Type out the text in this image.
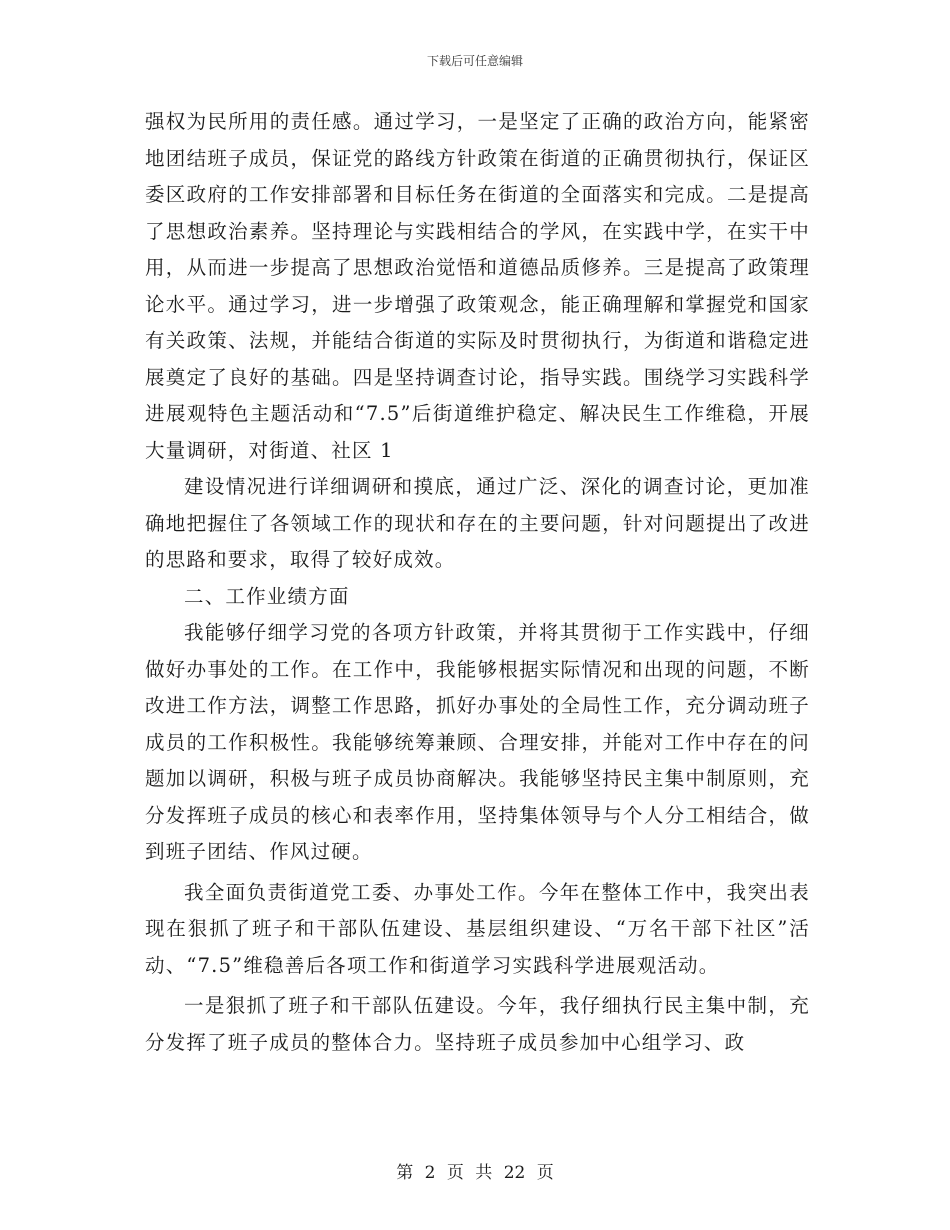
下载后可任意编辑

强权为民所用的责任感。通过学习，一是坚定了正确的政治方向，能紧密地团结班子成员，保证党的路线方针政策在街道的正确贯彻执行，保证区委区政府的工作安排部署和目标任务在街道的全面落实和完成。二是提高了思想政治素养。坚持理论与实践相结合的学风，在实践中学，在实干中用，从而进一步提高了思想政治觉悟和道德品质修养。三是提高了政策理论水平。通过学习，进一步增强了政策观念，能正确理解和掌握党和国家有关政策、法规，并能结合街道的实际及时贯彻执行，为街道和谐稳定进展奠定了良好的基础。四是坚持调查讨论，指导实践。围绕学习实践科学进展观特色主题活动和“7.5”后街道维护稳定、解决民生工作维稳，开展大量调研，对街道、社区 1

建设情况进行详细调研和摸底，通过广泛、深化的调查讨论，更加准确地把握住了各领域工作的现状和存在的主要问题，针对问题提出了改进的思路和要求，取得了较好成效。

二、工作业绩方面

我能够仔细学习党的各项方针政策，并将其贯彻于工作实践中，仔细做好办事处的工作。在工作中，我能够根据实际情况和出现的问题，不断改进工作方法，调整工作思路，抓好办事处的全局性工作，充分调动班子成员的工作积极性。我能够统筹兼顾、合理安排，并能对工作中存在的问题加以调研，积极与班子成员协商解决。我能够坚持民主集中制原则，充分发挥班子成员的核心和表率作用，坚持集体领导与个人分工相结合，做到班子团结、作风过硬。

我全面负责街道党工委、办事处工作。今年在整体工作中，我突出表现在狠抓了班子和干部队伍建设、基层组织建设、“万名干部下社区”活动、“7.5”维稳善后各项工作和街道学习实践科学进展观活动。

一是狠抓了班子和干部队伍建设。今年，我仔细执行民主集中制，充分发挥了班子成员的整体合力。坚持班子成员参加中心组学习、政

第 2 页 共 22 页
